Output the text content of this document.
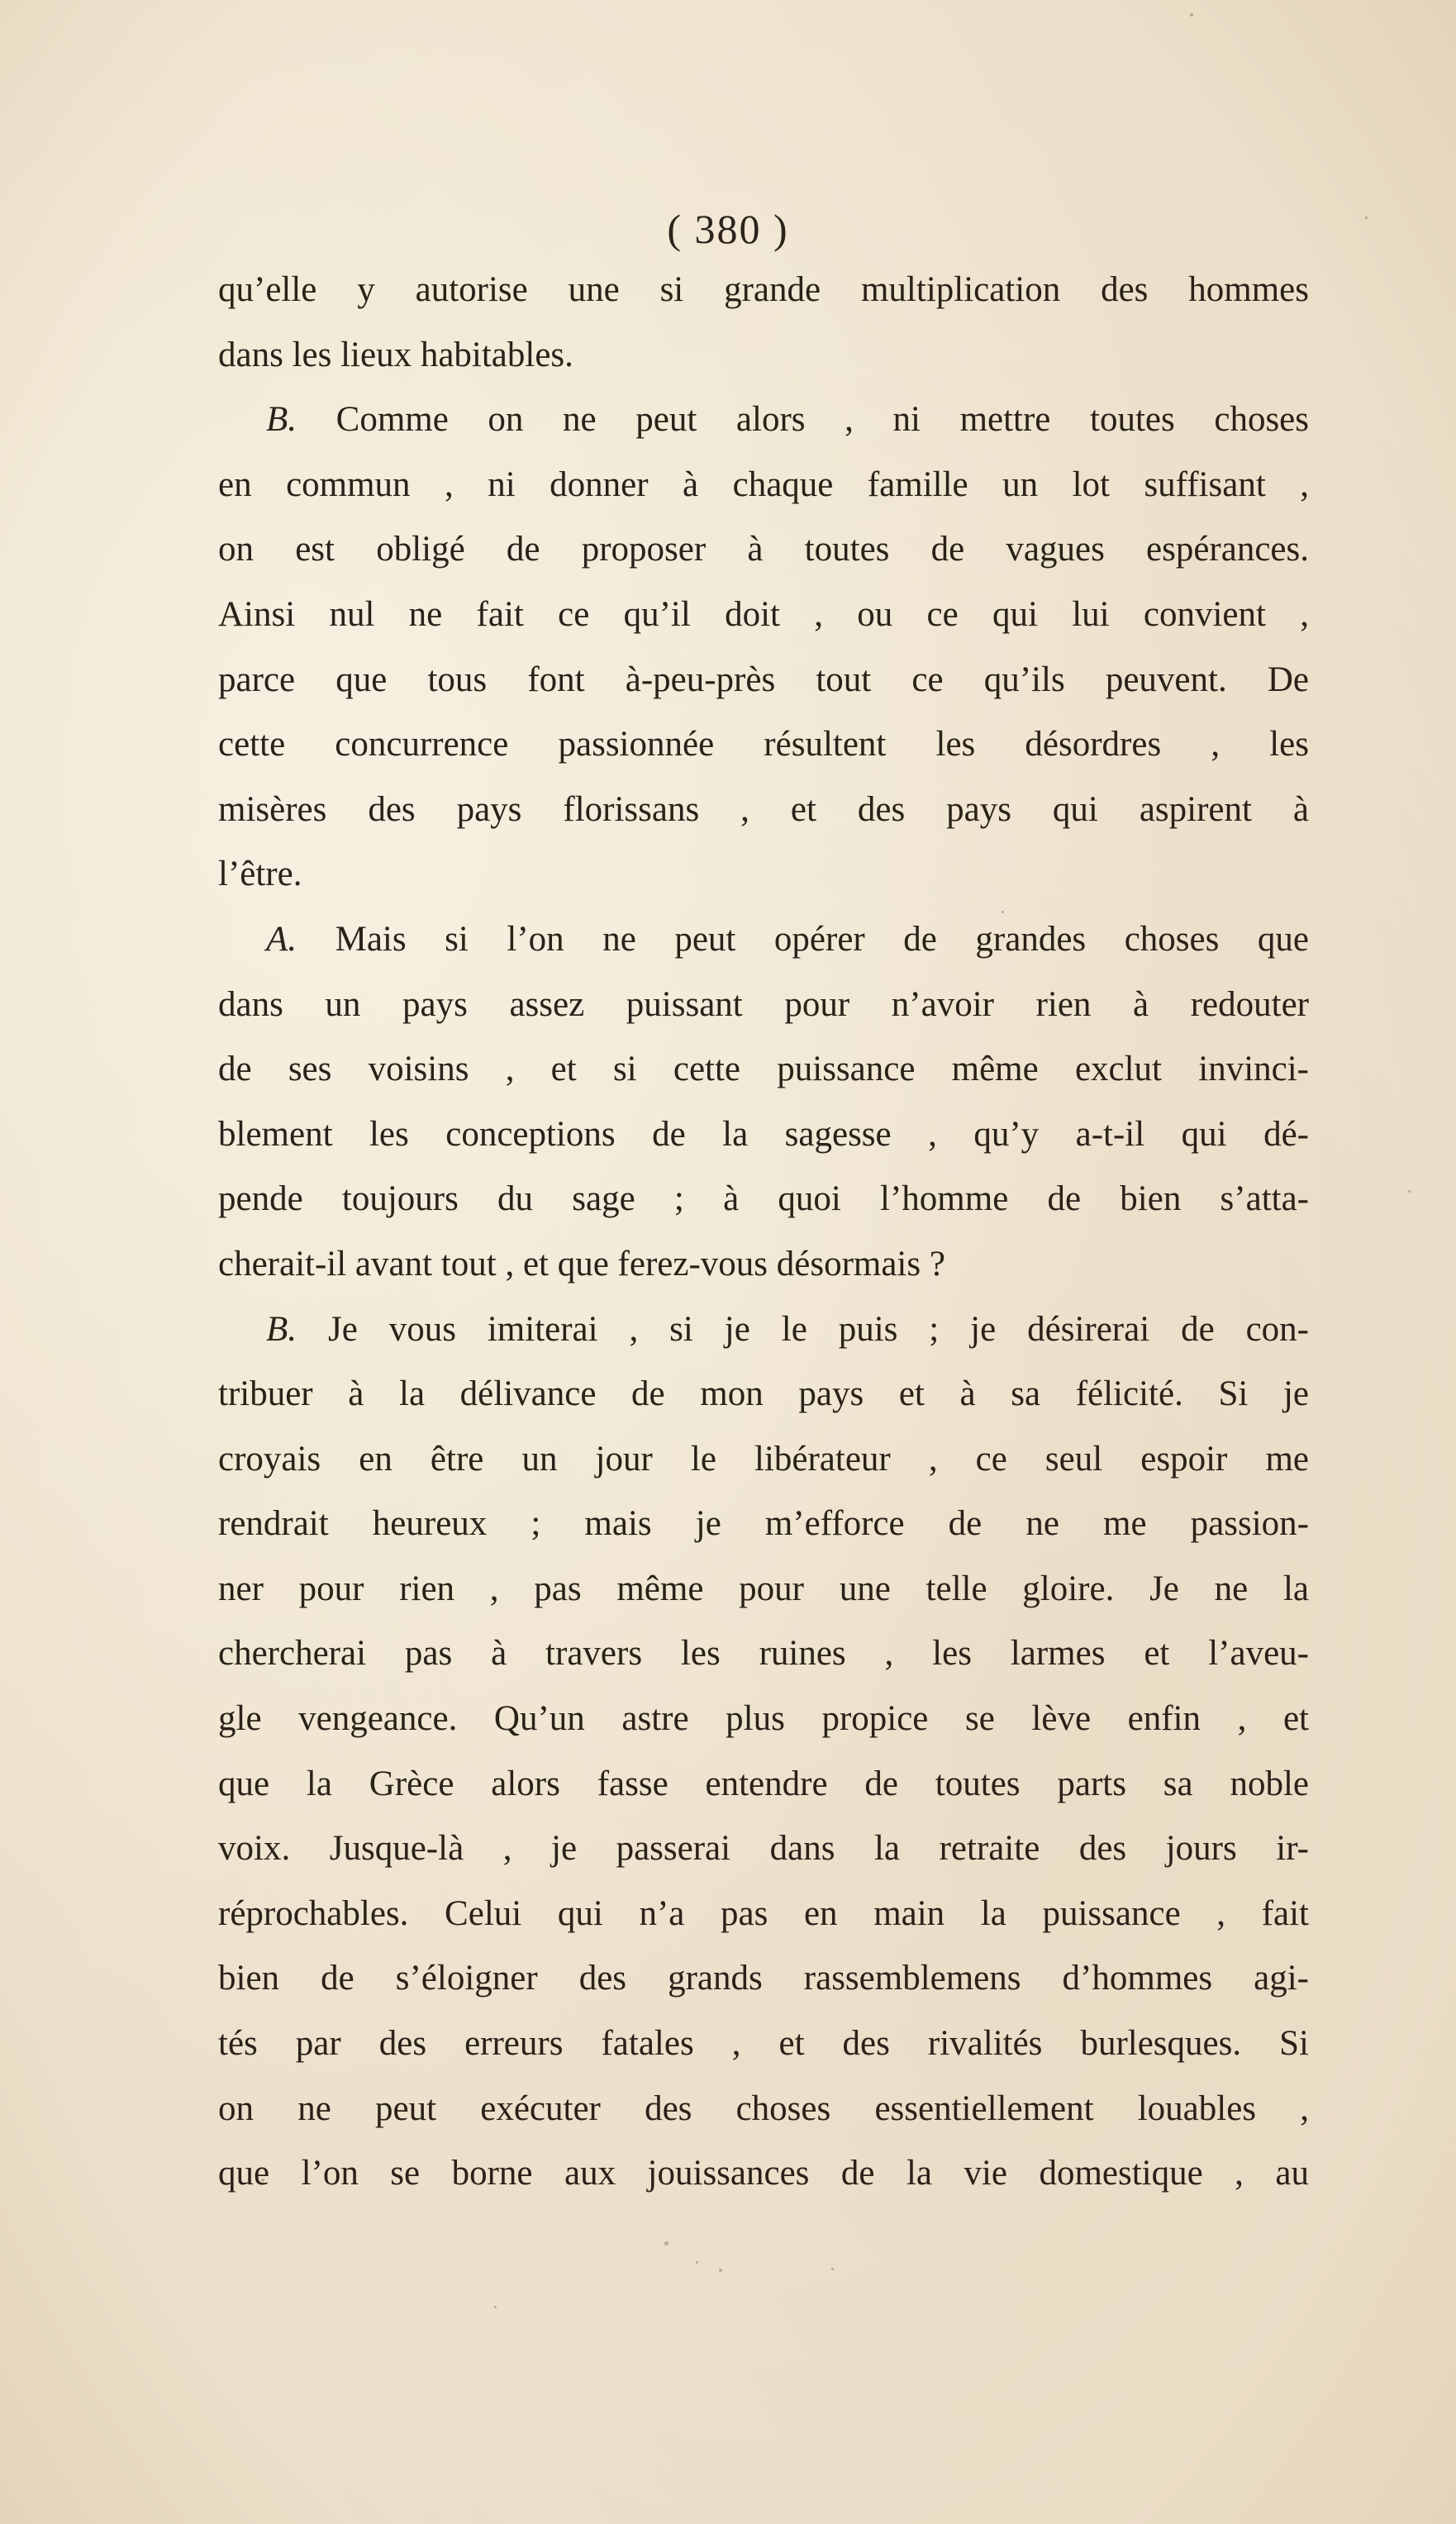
( 380 )
qu’elle y autorise une si grande multiplication des hommes
dans les lieux habitables.
B. Comme on ne peut alors , ni mettre toutes choses
en commun , ni donner à chaque famille un lot suffisant ,
on est obligé de proposer à toutes de vagues espérances.
Ainsi nul ne fait ce qu’il doit , ou ce qui lui convient ,
parce que tous font à-peu-près tout ce qu’ils peuvent. De
cette concurrence passionnée résultent les désordres , les
misères des pays florissans , et des pays qui aspirent à
l’être.
A. Mais si l’on ne peut opérer de grandes choses que
dans un pays assez puissant pour n’avoir rien à redouter
de ses voisins , et si cette puissance même exclut invinci-
blement les conceptions de la sagesse , qu’y a-t-il qui dé-
pende toujours du sage ; à quoi l’homme de bien s’atta-
cherait-il avant tout , et que ferez-vous désormais ?
B. Je vous imiterai , si je le puis ; je désirerai de con-
tribuer à la délivance de mon pays et à sa félicité. Si je
croyais en être un jour le libérateur , ce seul espoir me
rendrait heureux ; mais je m’efforce de ne me passion-
ner pour rien , pas même pour une telle gloire. Je ne la
chercherai pas à travers les ruines , les larmes et l’aveu-
gle vengeance. Qu’un astre plus propice se lève enfin , et
que la Grèce alors fasse entendre de toutes parts sa noble
voix. Jusque-là , je passerai dans la retraite des jours ir-
réprochables. Celui qui n’a pas en main la puissance , fait
bien de s’éloigner des grands rassemblemens d’hommes agi-
tés par des erreurs fatales , et des rivalités burlesques. Si
on ne peut exécuter des choses essentiellement louables ,
que l’on se borne aux jouissances de la vie domestique , au
